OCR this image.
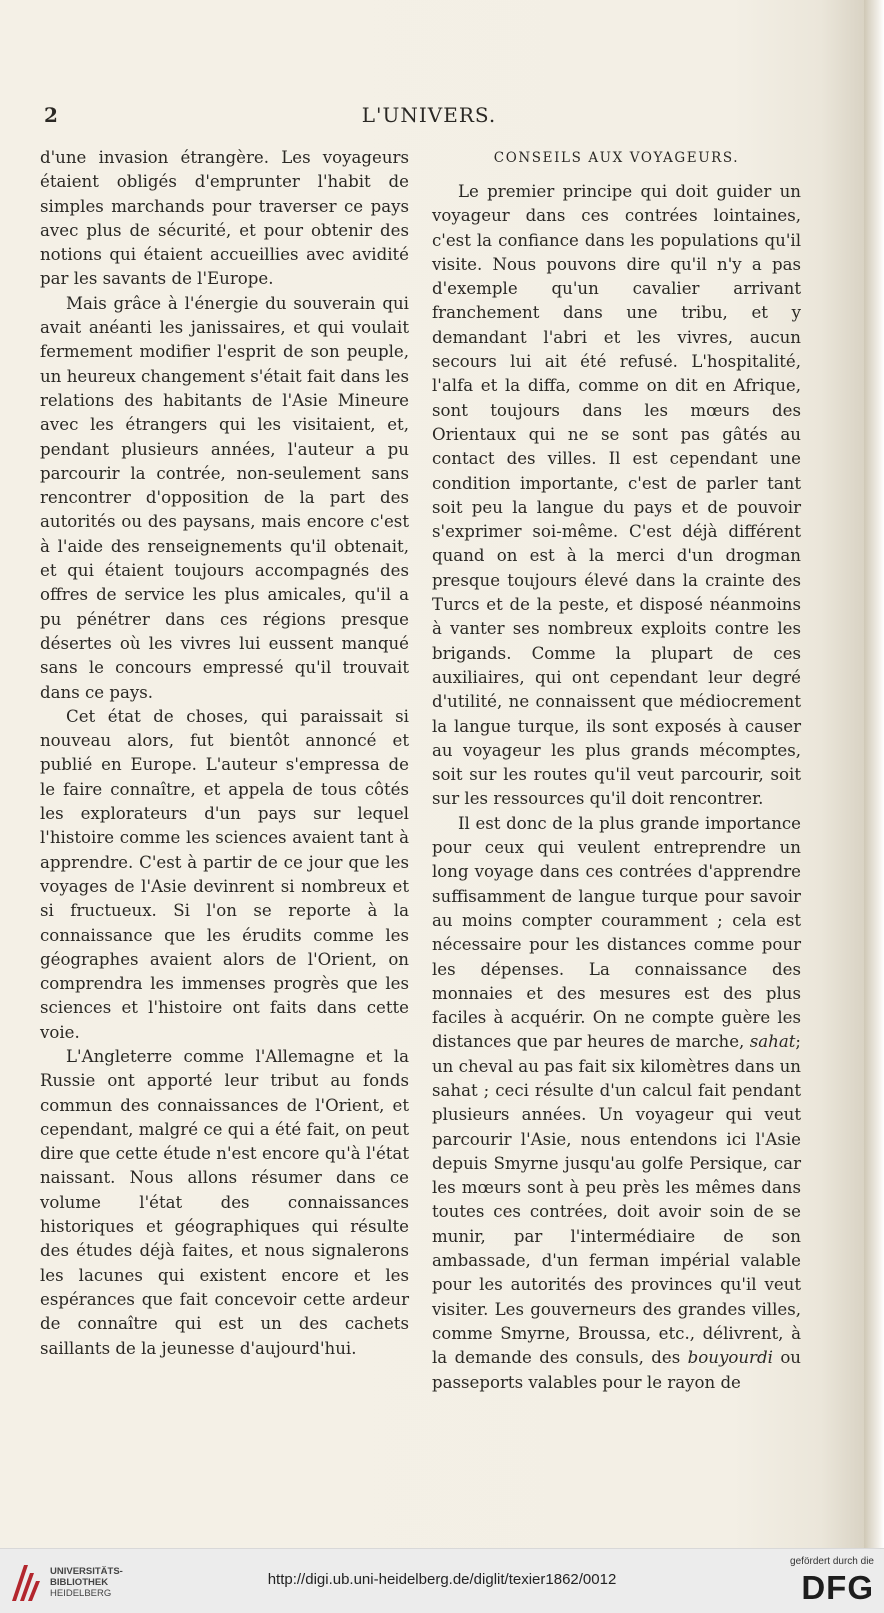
2	L'UNIVERS.

d'une invasion étrangère. Les voyageurs étaient obligés d'emprunter l'habit de simples marchands pour traverser ce pays avec plus de sécurité, et pour obtenir des notions qui étaient accueillies avec avidité par les savants de l'Europe.

Mais grâce à l'énergie du souverain qui avait anéanti les janissaires, et qui voulait fermement modifier l'esprit de son peuple, un heureux changement s'était fait dans les relations des habitants de l'Asie Mineure avec les étrangers qui les visitaient, et, pendant plusieurs années, l'auteur a pu parcourir la contrée, non-seulement sans rencontrer d'opposition de la part des autorités ou des paysans, mais encore c'est à l'aide des renseignements qu'il obtenait, et qui étaient toujours accompagnés des offres de service les plus amicales, qu'il a pu pénétrer dans ces régions presque désertes où les vivres lui eussent manqué sans le concours empressé qu'il trouvait dans ce pays.

Cet état de choses, qui paraissait si nouveau alors, fut bientôt annoncé et publié en Europe. L'auteur s'empressa de le faire connaître, et appela de tous côtés les explorateurs d'un pays sur lequel l'histoire comme les sciences avaient tant à apprendre. C'est à partir de ce jour que les voyages de l'Asie devinrent si nombreux et si fructueux. Si l'on se reporte à la connaissance que les érudits comme les géographes avaient alors de l'Orient, on comprendra les immenses progrès que les sciences et l'histoire ont faits dans cette voie.

L'Angleterre comme l'Allemagne et la Russie ont apporté leur tribut au fonds commun des connaissances de l'Orient, et cependant, malgré ce qui a été fait, on peut dire que cette étude n'est encore qu'à l'état naissant. Nous allons résumer dans ce volume l'état des connaissances historiques et géographiques qui résulte des études déjà faites, et nous signalerons les lacunes qui existent encore et les espérances que fait concevoir cette ardeur de connaître qui est un des cachets saillants de la jeunesse d'aujourd'hui.

CONSEILS AUX VOYAGEURS.

Le premier principe qui doit guider un voyageur dans ces contrées lointaines, c'est la confiance dans les populations qu'il visite. Nous pouvons dire qu'il n'y a pas d'exemple qu'un cavalier arrivant franchement dans une tribu, et y demandant l'abri et les vivres, aucun secours lui ait été refusé. L'hospitalité, l'alfa et la diffa, comme on dit en Afrique, sont toujours dans les mœurs des Orientaux qui ne se sont pas gâtés au contact des villes. Il est cependant une condition importante, c'est de parler tant soit peu la langue du pays et de pouvoir s'exprimer soi-même. C'est déjà différent quand on est à la merci d'un drogman presque toujours élevé dans la crainte des Turcs et de la peste, et disposé néanmoins à vanter ses nombreux exploits contre les brigands. Comme la plupart de ces auxiliaires, qui ont cependant leur degré d'utilité, ne connaissent que médiocrement la langue turque, ils sont exposés à causer au voyageur les plus grands mécomptes, soit sur les routes qu'il veut parcourir, soit sur les ressources qu'il doit rencontrer.

Il est donc de la plus grande importance pour ceux qui veulent entreprendre un long voyage dans ces contrées d'apprendre suffisamment de langue turque pour savoir au moins compter couramment ; cela est nécessaire pour les distances comme pour les dépenses. La connaissance des monnaies et des mesures est des plus faciles à acquérir. On ne compte guère les distances que par heures de marche, sahat; un cheval au pas fait six kilomètres dans un sahat ; ceci résulte d'un calcul fait pendant plusieurs années. Un voyageur qui veut parcourir l'Asie, nous entendons ici l'Asie depuis Smyrne jusqu'au golfe Persique, car les mœurs sont à peu près les mêmes dans toutes ces contrées, doit avoir soin de se munir, par l'intermédiaire de son ambassade, d'un ferman impérial valable pour les autorités des provinces qu'il veut visiter. Les gouverneurs des grandes villes, comme Smyrne, Broussa, etc., délivrent, à la demande des consuls, des bouyourdi ou passeports valables pour le rayon de

UNIVERSITÄTS-
BIBLIOTHEK
HEIDELBERG
http://digi.ub.uni-heidelberg.de/diglit/texier1862/0012
gefördert durch die
DFG
